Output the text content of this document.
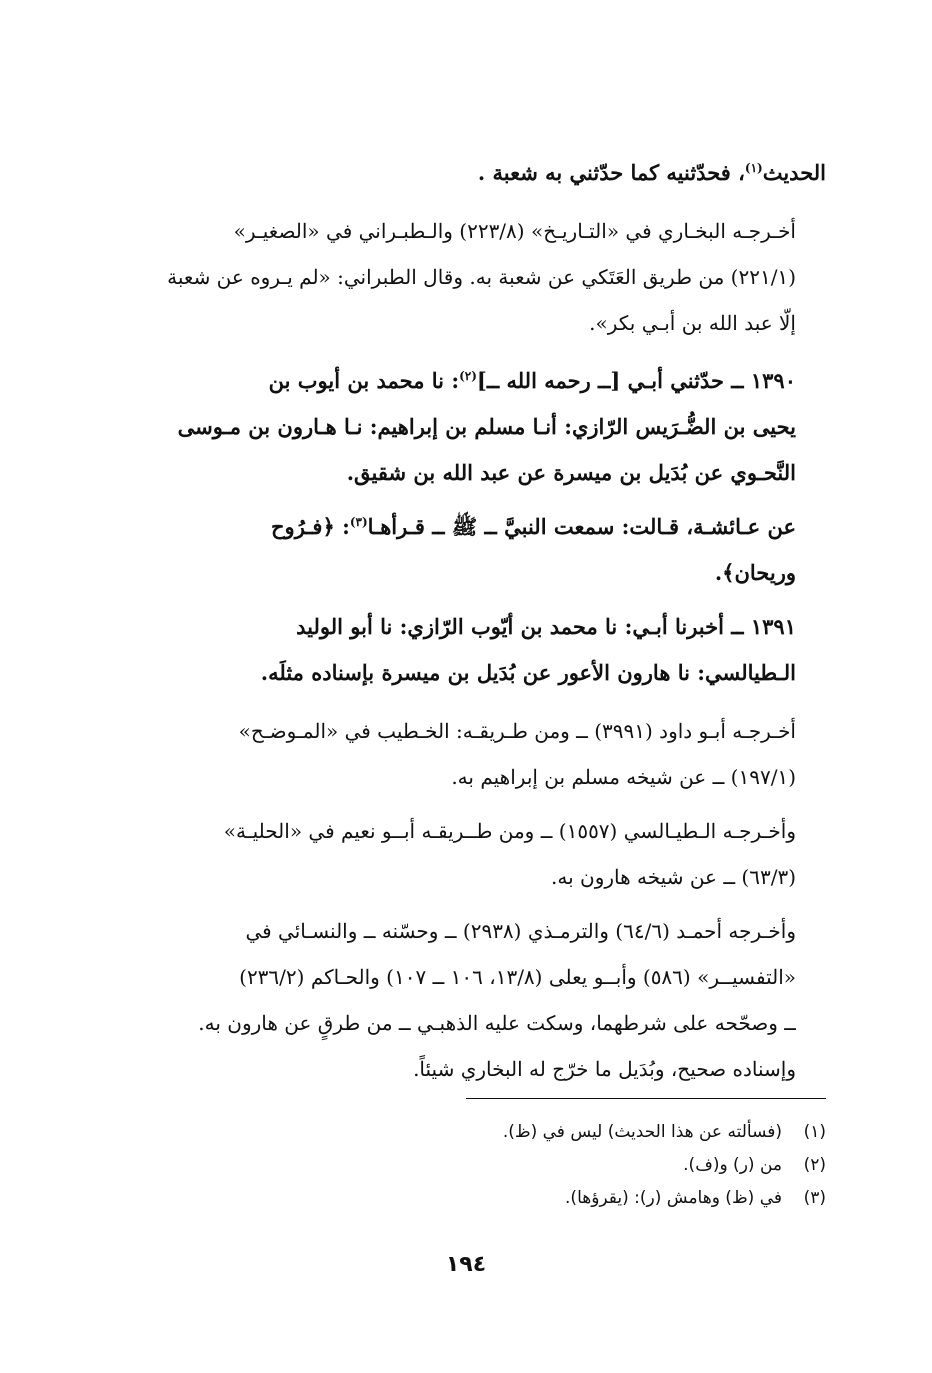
الحديث$^{(١)}$، فحدّثنيه كما حدّثني به شعبة .

أخـرجـه البخـاري في «التـاريـخ» (٢٢٣/٨) والـطبـراني في «الصغيـر»
(٢٢١/١) من طريق العَتَكي عن شعبة به. وقال الطبراني: «لم يـروه عن شعبة
إلّا عبد الله بن أبـي بكر».

١٣٩٠ ــ حدّثني أبـي [ــ رحمه الله ــ]$^{(٢)}$: نا محمد بن أيوب بن
يحيى بن الضُّـرَيس الرّازي: أنـا مسلم بن إبراهيم: نـا هـارون بن مـوسى
النَّحـوي عن بُدَيل بن ميسرة عن عبد الله بن شقيق.

عن عـائشـة، قـالت: سمعت النبيَّ ــ ﷺ ــ قـرأهـا$^{(٣)}$: ﴿فـرُوح
وريحان﴾.

١٣٩١ ــ أخبرنا أبـي: نا محمد بن أيّوب الرّازي: نا أبو الوليد
الـطيالسي: نا هارون الأعور عن بُدَيل بن ميسرة بإسناده مثلَه.

أخـرجـه أبـو داود (٣٩٩١) ــ ومن طـريقـه: الخـطيب في «المـوضـح»
(١٩٧/١) ــ عن شيخه مسلم بن إبراهيم به.

وأخـرجـه الـطيـالسي (١٥٥٧) ــ ومن طــريقـه أبــو نعيم في «الحليـة»
(٦٣/٣) ــ عن شيخه هارون به.

وأخـرجه أحمـد (٦٤/٦) والترمـذي (٢٩٣٨) ــ وحسّنه ــ والنسـائي في
«التفسيــر» (٥٨٦) وأبــو يعلى (١٣/٨، ١٠٦ ــ ١٠٧) والحـاكم (٢٣٦/٢)
ــ وصحّحه على شرطهما، وسكت عليه الذهبـي ــ من طرقٍ عن هارون به.

وإسناده صحيح، وبُدَيل ما خرّج له البخاري شيئاً.

(١)(فسألته عن هذا الحديث) ليس في (ظ).
(٢)من (ر) و(ف).
(٣)في (ظ) وهامش (ر): (يقرؤها).
١٩٤
